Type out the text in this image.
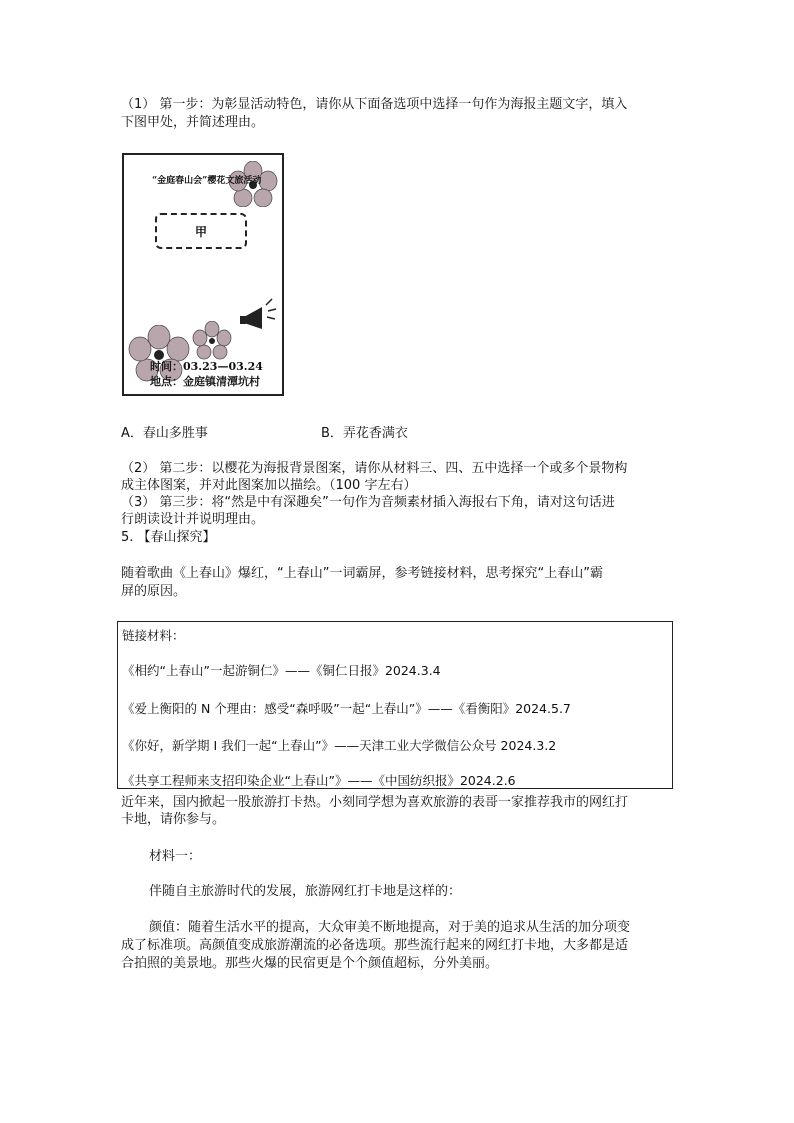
（1） 第一步：为彰显活动特色，请你从下面备选项中选择一句作为海报主题文字，填入
下图甲处，并简述理由。
“金庭春山会”樱花文旅活动
甲
时间：03.23—03.24
地点：金庭镇清潭坑村
A．春山多胜事	B．弄花香满衣
（2） 第二步：以樱花为海报背景图案，请你从材料三、四、五中选择一个或多个景物构
成主体图案，并对此图案加以描绘。（100 字左右）
（3） 第三步：将“然是中有深趣矣”一句作为音频素材插入海报右下角，请对这句话进
行朗读设计并说明理由。
5. 【春山探究】
随着歌曲《上春山》爆红，“上春山”一词霸屏，参考链接材料，思考探究“上春山”霸
屏的原因。
链接材料：
《相约“上春山”一起游铜仁》——《铜仁日报》2024.3.4
《爱上衡阳的 N 个理由：感受“森呼吸”一起“上春山”》——《看衡阳》2024.5.7
《你好，新学期 I 我们一起“上春山”》——天津工业大学微信公众号 2024.3.2
《共享工程师来支招印染企业“上春山”》——《中国纺织报》2024.2.6
近年来，国内掀起一股旅游打卡热。小刻同学想为喜欢旅游的表哥一家推荐我市的网红打
卡地，请你参与。
材料一：
伴随自主旅游时代的发展，旅游网红打卡地是这样的：
颜值：随着生活水平的提高，大众审美不断地提高，对于美的追求从生活的加分项变
成了标准项。高颜值变成旅游潮流的必备选项。那些流行起来的网红打卡地，大多都是适
合拍照的美景地。那些火爆的民宿更是个个颜值超标，分外美丽。
